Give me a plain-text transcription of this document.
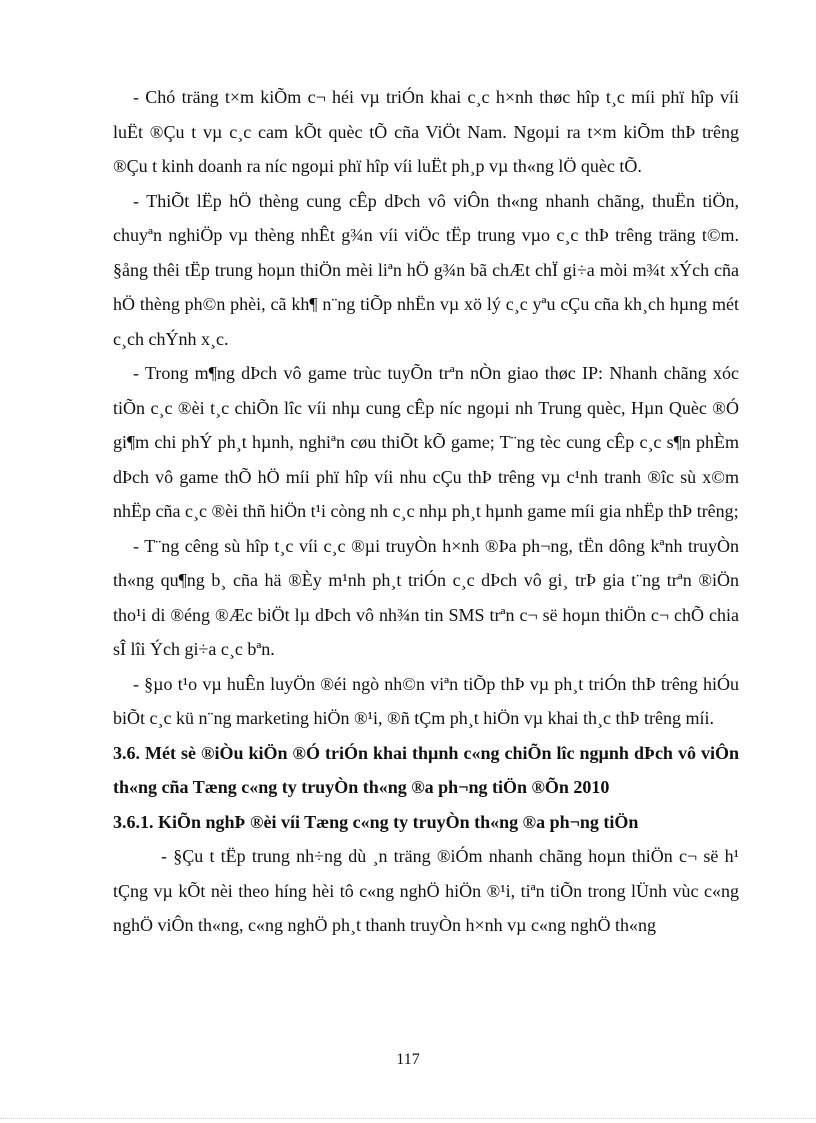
- Chó träng t×m kiÕm c¬ héi vµ triÓn khai c¸c h×nh thøc hîp t¸c míi phï hîp víi luËt ®Çu t vµ c¸c cam kÕt quèc tÕ cña ViÖt Nam. Ngoµi ra t×m kiÕm thÞ trêng ®Çu t kinh doanh ra níc ngoµi phï hîp víi luËt ph¸p vµ th«ng lÖ quèc tÕ.

- ThiÕt lËp hÖ thèng cung cÊp dÞch vô viÔn th«ng nhanh chãng, thuËn tiÖn, chuyªn nghiÖp vµ thèng nhÊt g¾n víi viÖc tËp trung vµo c¸c thÞ trêng träng t©m. §ång thêi tËp trung hoµn thiÖn mèi liªn hÖ g¾n bã chÆt chÏ gi÷a mòi m¾t xÝch cña hÖ thèng ph©n phèi, cã kh¶ n¨ng tiÕp nhËn vµ xö lý c¸c yªu cÇu cña kh¸ch hµng mét c¸ch chÝnh x¸c.

- Trong m¶ng dÞch vô game trùc tuyÕn trªn nÒn giao thøc IP: Nhanh chãng xóc tiÕn c¸c ®èi t¸c chiÕn lîc víi nhµ cung cÊp níc ngoµi nh Trung quèc, Hµn Quèc ®Ó gi¶m chi phÝ ph¸t hµnh, nghiªn cøu thiÕt kÕ game; T¨ng tèc cung cÊp c¸c s¶n phÈm dÞch vô game thÕ hÖ míi phï hîp víi nhu cÇu thÞ trêng vµ c¹nh tranh ®îc sù x©m nhËp cña c¸c ®èi thñ hiÖn t¹i còng nh c¸c nhµ ph¸t hµnh game míi gia nhËp thÞ trêng;

- T¨ng cêng sù hîp t¸c víi c¸c ®µi truyÒn h×nh ®Þa ph¬ng, tËn dông kªnh truyÒn th«ng qu¶ng b¸ cña hä ®Èy m¹nh ph¸t triÓn c¸c dÞch vô gi¸ trÞ gia t¨ng trªn ®iÖn tho¹i di ®éng ®Æc biÖt lµ dÞch vô nh¾n tin SMS trªn c¬ së hoµn thiÖn c¬ chÕ chia sÎ lîi Ých gi÷a c¸c bªn.

- §µo t¹o vµ huÊn luyÖn ®éi ngò nh©n viªn tiÕp thÞ vµ ph¸t triÓn thÞ trêng hiÓu biÕt c¸c kü n¨ng marketing hiÖn ®¹i, ®ñ tÇm ph¸t hiÖn vµ khai th¸c thÞ trêng míi.

3.6. Mét sè ®iÒu kiÖn ®Ó triÓn khai thµnh c«ng chiÕn lîc ngµnh dÞch vô viÔn th«ng cña Tæng c«ng ty truyÒn th«ng ®a ph¬ng tiÖn ®Õn 2010

3.6.1. KiÕn nghÞ ®èi víi Tæng c«ng ty truyÒn th«ng ®a ph¬ng tiÖn

- §Çu t tËp trung nh÷ng dù ¸n träng ®iÓm nhanh chãng hoµn thiÖn c¬ së h¹ tÇng vµ kÕt nèi theo híng hèi tô c«ng nghÖ hiÖn ®¹i, tiªn tiÕn trong lÜnh vùc c«ng nghÖ viÔn th«ng, c«ng nghÖ ph¸t thanh truyÒn h×nh vµ c«ng nghÖ th«ng

117
